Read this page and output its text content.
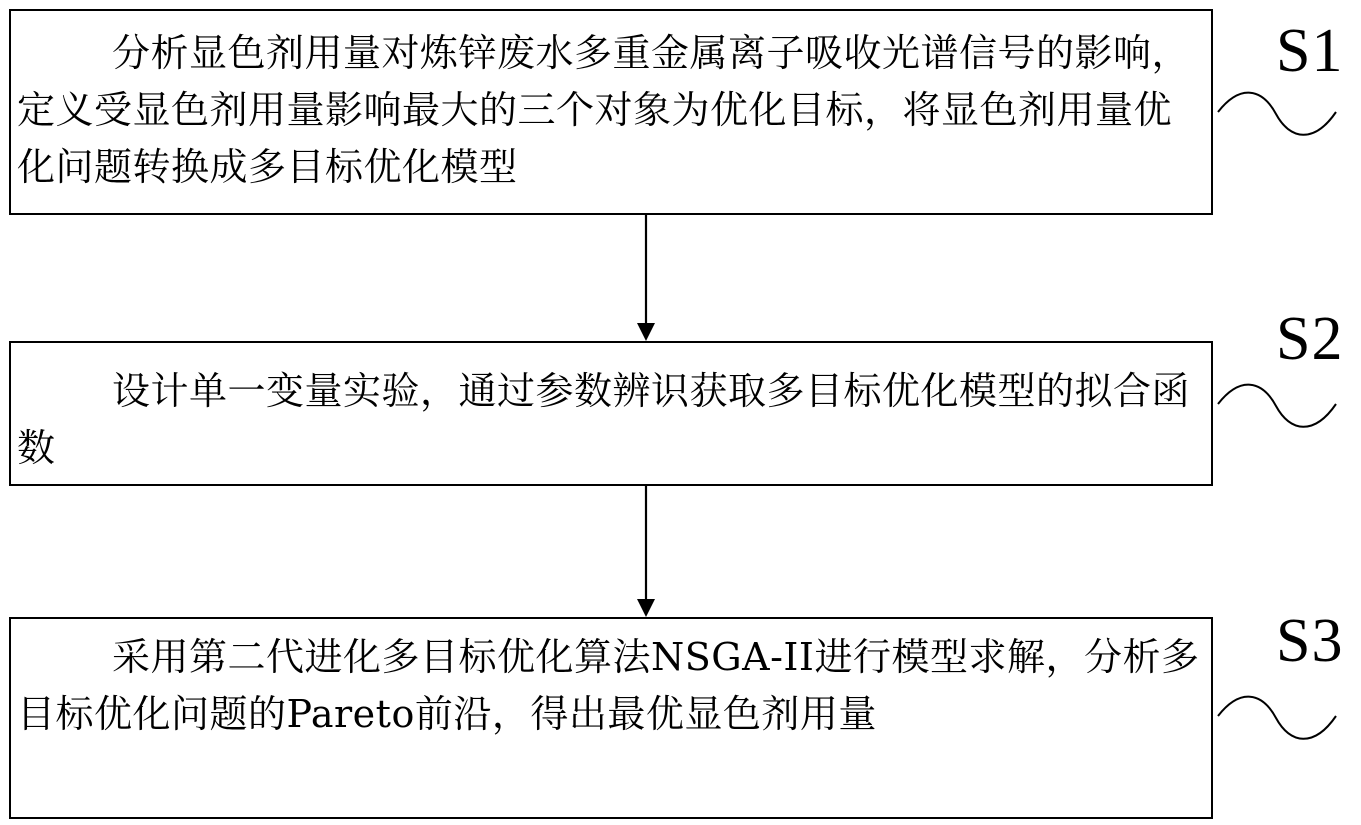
分析显色剂用量对炼锌废水多重金属离子吸收光谱信号的影响，定义受显色剂用量影响最大的三个对象为优化目标，将显色剂用量优化问题转换成多目标优化模型

设计单一变量实验，通过参数辨识获取多目标优化模型的拟合函数

采用第二代进化多目标优化算法NSGA-II进行模型求解，分析多目标优化问题的Pareto前沿，得出最优显色剂用量

S1
S2
S3
